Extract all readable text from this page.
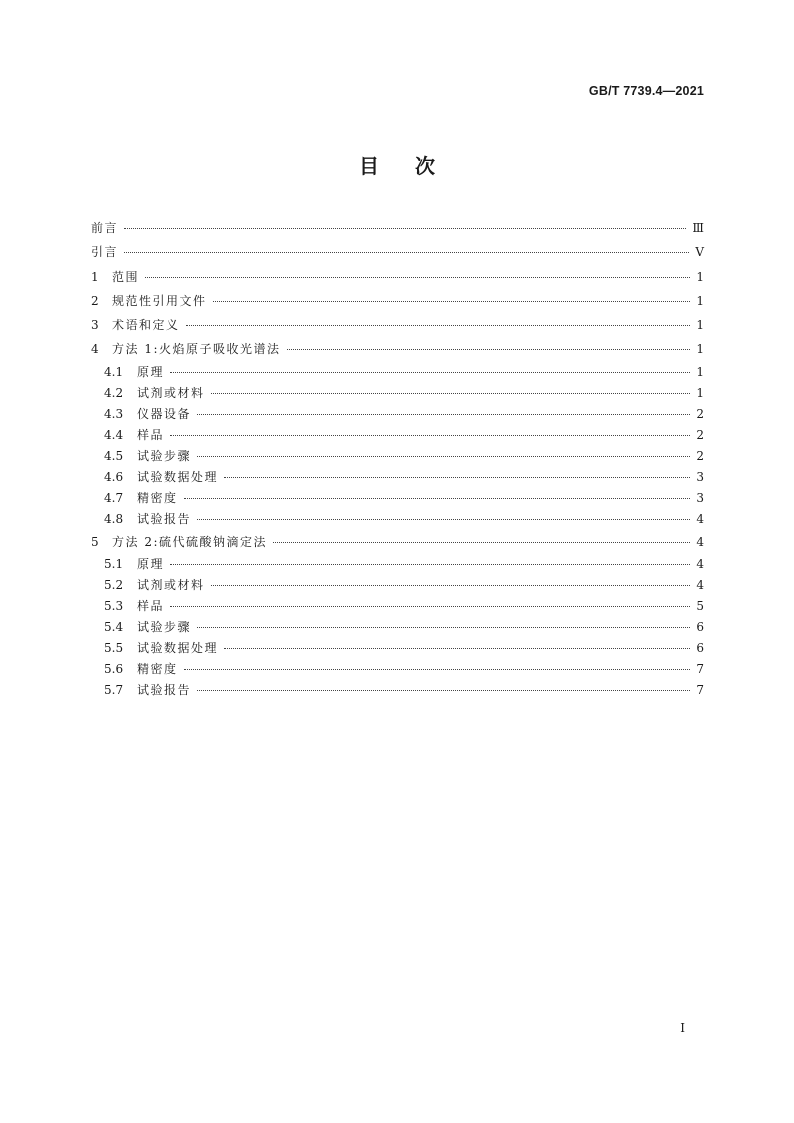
GB/T 7739.4—2021
目次
前言	Ⅲ
引言	Ⅴ
1	范围	1
2	规范性引用文件	1
3	术语和定义	1
4	方法 1:火焰原子吸收光谱法	1
4.1	原理	1
4.2	试剂或材料	1
4.3	仪器设备	2
4.4	样品	2
4.5	试验步骤	2
4.6	试验数据处理	3
4.7	精密度	3
4.8	试验报告	4
5	方法 2:硫代硫酸钠滴定法	4
5.1	原理	4
5.2	试剂或材料	4
5.3	样品	5
5.4	试验步骤	6
5.5	试验数据处理	6
5.6	精密度	7
5.7	试验报告	7
I
